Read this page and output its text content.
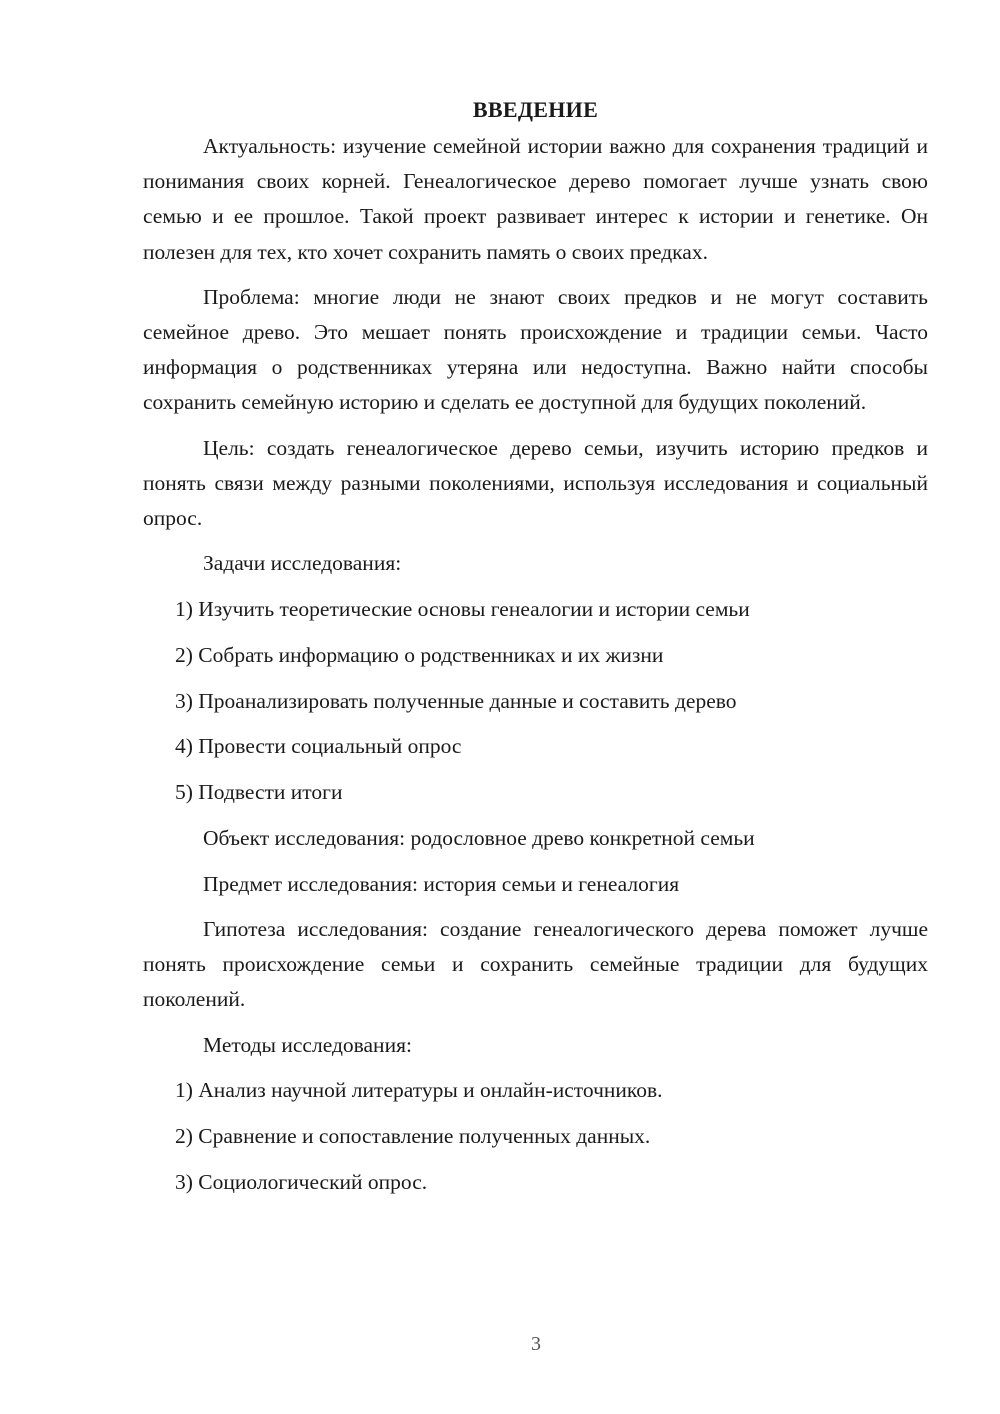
ВВЕДЕНИЕ

Актуальность: изучение семейной истории важно для сохранения традиций и понимания своих корней. Генеалогическое дерево помогает лучше узнать свою семью и ее прошлое. Такой проект развивает интерес к истории и генетике. Он полезен для тех, кто хочет сохранить память о своих предках.

Проблема: многие люди не знают своих предков и не могут составить семейное древо. Это мешает понять происхождение и традиции семьи. Часто информация о родственниках утеряна или недоступна. Важно найти способы сохранить семейную историю и сделать ее доступной для будущих поколений.

Цель: создать генеалогическое дерево семьи, изучить историю предков и понять связи между разными поколениями, используя исследования и социальный опрос.

Задачи исследования:

1) Изучить теоретические основы генеалогии и истории семьи

2) Собрать информацию о родственниках и их жизни

3) Проанализировать полученные данные и составить дерево

4) Провести социальный опрос

5) Подвести итоги

Объект исследования: родословное древо конкретной семьи

Предмет исследования: история семьи и генеалогия

Гипотеза исследования: создание генеалогического дерева поможет лучше понять происхождение семьи и сохранить семейные традиции для будущих поколений.

Методы исследования:

1) Анализ научной литературы и онлайн-источников.

2) Сравнение и сопоставление полученных данных.

3) Социологический опрос.

3
